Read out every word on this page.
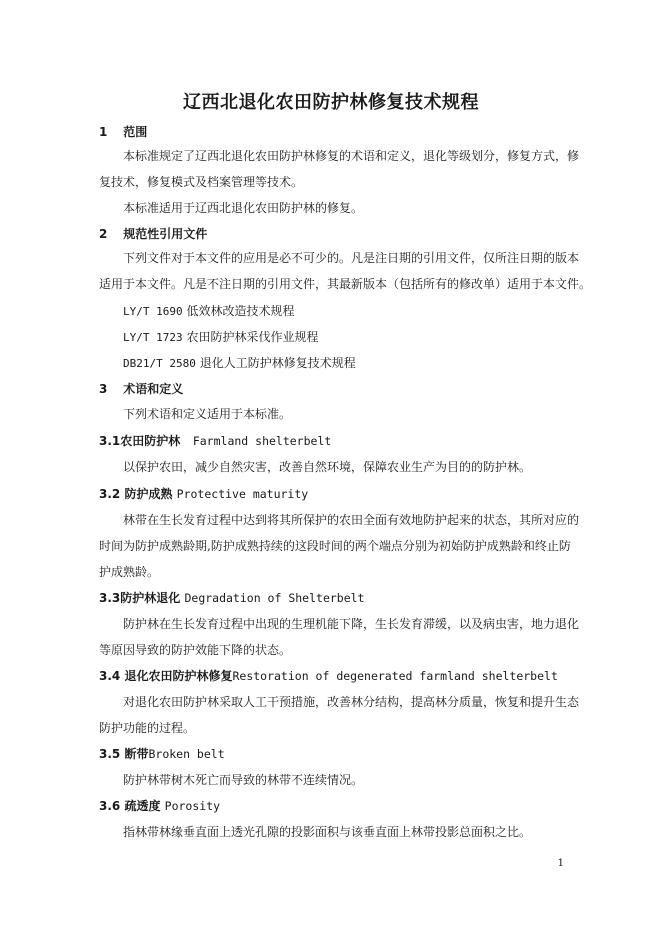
辽西北退化农田防护林修复技术规程
1 范围
本标准规定了辽西北退化农田防护林修复的术语和定义，退化等级划分，修复方式，修
复技术，修复模式及档案管理等技术。
本标准适用于辽西北退化农田防护林的修复。
2 规范性引用文件
下列文件对于本文件的应用是必不可少的。凡是注日期的引用文件，仅所注日期的版本
适用于本文件。凡是不注日期的引用文件，其最新版本（包括所有的修改单）适用于本文件。
LY/T 1690 低效林改造技术规程
LY/T 1723 农田防护林采伐作业规程
DB21/T 2580 退化人工防护林修复技术规程
3 术语和定义
下列术语和定义适用于本标准。
3.1农田防护林 Farmland shelterbelt
以保护农田，减少自然灾害，改善自然环境，保障农业生产为目的的防护林。
3.2 防护成熟 Protective maturity
林带在生长发育过程中达到将其所保护的农田全面有效地防护起来的状态，其所对应的
时间为防护成熟龄期,防护成熟持续的这段时间的两个端点分别为初始防护成熟龄和终止防
护成熟龄。
3.3防护林退化 Degradation of Shelterbelt
防护林在生长发育过程中出现的生理机能下降，生长发育滞缓，以及病虫害，地力退化
等原因导致的防护效能下降的状态。
3.4 退化农田防护林修复Restoration of degenerated farmland shelterbelt
对退化农田防护林采取人工干预措施，改善林分结构，提高林分质量，恢复和提升生态
防护功能的过程。
3.5 断带Broken belt
防护林带树木死亡而导致的林带不连续情况。
3.6 疏透度 Porosity
指林带林缘垂直面上透光孔隙的投影面积与该垂直面上林带投影总面积之比。
1
